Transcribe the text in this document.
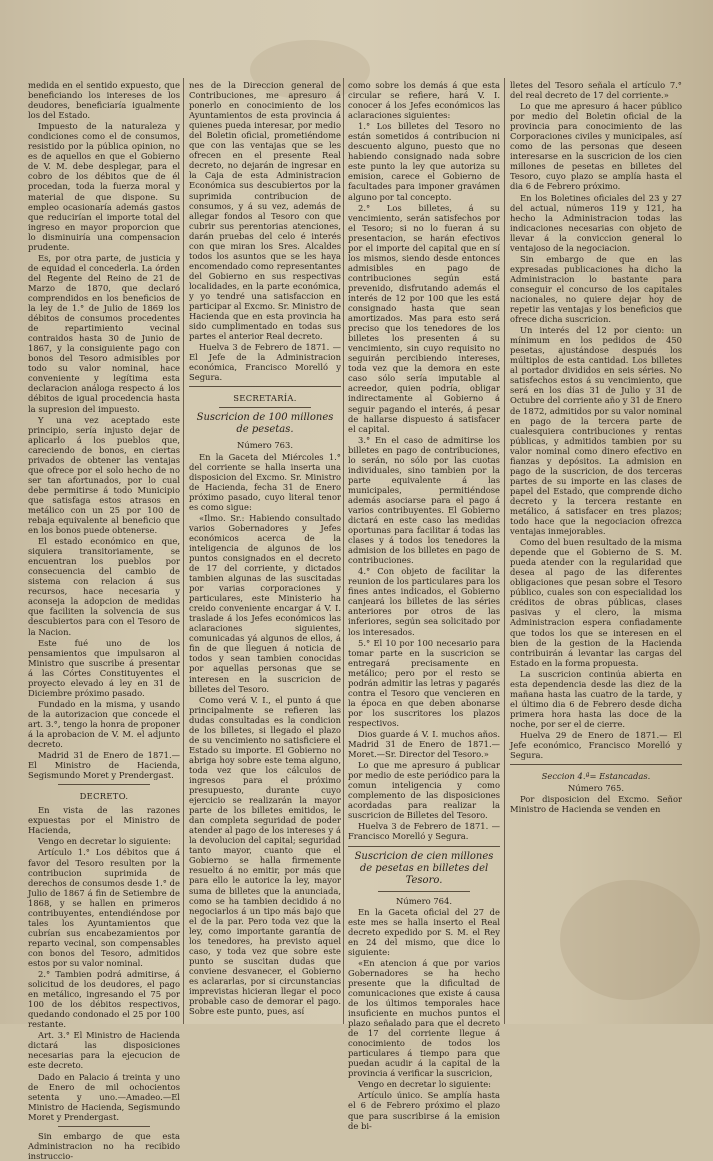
medida en el sentido expuesto, que beneficiando los intereses de los deudores, beneficiaría igualmente los del Estado.

Impuesto de la naturaleza y condiciones como el de consumos, resistido por la pública opinion, no es de aquellos en que el Gobierno de V. M. debe desplegar, para el cobro de los débitos que de él procedan, toda la fuerza moral y material de que dispone. Su empleo ocasionaría además gastos que reducirían el importe total del ingreso en mayor proporcion que lo disminuiría una compensacion prudente.

Es, por otra parte, de justicia y de equidad el concederla. La órden del Regente del Reino de 21 de Marzo de 1870, que declaró comprendidos en los beneficios de la ley de 1.° de Julio de 1869 los débitos de consumos procedentes de repartimiento vecinal contraidos hasta 30 de Junio de 1867, y la consiguiente pago con bonos del Tesoro admisibles por todo su valor nominal, hace conveniente y legítima esta declaracion análoga respecto á los débitos de igual procedencia hasta la supresion del impuesto.

Y una vez aceptado este principio, sería injusto dejar de aplicarlo á los pueblos que, careciendo de bonos, en ciertas privados de obtener las ventajas que ofrece por el solo hecho de no ser tan afortunados, por lo cual debe permitirse á todo Municipio que satisfaga estos atrasos en metálico con un 25 por 100 de rebaja equivalente al beneficio que en los bonos puede obtenerse.

El estado económico en que, siquiera transitoriamente, se encuentran los pueblos por consecuencia del cambio de sistema con relacion á sus recursos, hace necesaria y aconseja la adopcion de medidas que faciliten la solvencia de sus descubiertos para con el Tesoro de la Nacion.

Este fué uno de los pensamientos que impulsaron al Ministro que suscribe á presentar á las Córtes Constituyentes el proyecto elevado á ley en 31 de Diciembre próximo pasado.

Fundado en la misma, y usando de la autorizacion que concede el art. 3.°, tengo la honra de proponer á la aprobacion de V. M. el adjunto decreto.

Madrid 31 de Enero de 1871.—El Ministro de Hacienda, Segismundo Moret y Prendergast.

DECRETO.

En vista de las razones expuestas por el Ministro de Hacienda,

Vengo en decretar lo siguiente:

Artículo 1.° Los débitos que á favor del Tesoro resulten por la contribucion suprimida de derechos de consumos desde 1.° de Julio de 1867 á fin de Setiembre de 1868, y se hallen en primeros contribuyentes, entendiéndose por tales los Ayuntamientos que cubrían sus encabezamientos por reparto vecinal, son compensables con bonos del Tesoro, admitidos estos por su valor nominal.

2.° Tambien podrá admitirse, á solicitud de los deudores, el pago en metálico, ingresando el 75 por 100 de los débitos respectivos, quedando condonado el 25 por 100 restante.

Art. 3.° El Ministro de Hacienda dictará las disposiciones necesarias para la ejecucion de este decreto.

Dado en Palacio á treinta y uno de Enero de mil ochocientos setenta y uno.—Amadeo.—El Ministro de Hacienda, Segismundo Moret y Prendergast.

Sin embargo de que esta Administracion no ha recibido instruccio-

nes de la Direccion general de Contribuciones, me apresuro á ponerlo en conocimiento de los Ayuntamientos de esta provincia á quienes pueda interesar, por medio del Boletin oficial, prometiéndome que con las ventajas que se les ofrecen en el presente Real decreto, no dejarán de ingresar en la Caja de esta Administracion Económica sus descubiertos por la suprimida contribucion de consumos, y á su vez, además de allegar fondos al Tesoro con que cubrir sus perentorias atenciones, darán pruebas del celo é interés con que miran los Sres. Alcaldes todos los asuntos que se les haya encomendado como representantes del Gobierno en sus respectivas localidades, en la parte económica, y yo tendré una satisfaccion en participar al Excmo. Sr. Ministro de Hacienda que en esta provincia ha sido cumplimentado en todas sus partes el anterior Real decreto.

Huelva 3 de Febrero de 1871. —El Jefe de la Administracion económica, Francisco Morelló y Segura.

SECRETARÍA.

Suscricion de 100 millones de pesetas.

Número 763.

En la Gaceta del Miércoles 1.° del corriente se halla inserta una disposicion del Excmo. Sr. Ministro de Hacienda, fecha 31 de Enero próximo pasado, cuyo literal tenor es como sigue:

«Ilmo. Sr.: Habiendo consultado varios Gobernadores y Jefes económicos acerca de la inteligencia de algunos de los puntos consignados en el decreto de 17 del corriente, y dictados tambien algunas de las suscitadas por varias corporaciones y particulares, este Ministerio ha creido conveniente encargar á V. I. traslade á los Jefes económicos las aclaraciones siguientes, comunicadas yá algunos de ellos, á fin de que lleguen á noticia de todos y sean tambien conocidas por aquellas personas que se interesen en la suscricion de billetes del Tesoro.

Como verá V. I., el punto á que principalmente se refieren las dudas consultadas es la condicion de los billetes, si llegado el plazo de su vencimiento no satisficiere el Estado su importe. El Gobierno no abriga hoy sobre este tema alguno, toda vez que los cálculos de ingresos para el próximo presupuesto, durante cuyo ejercicio se realizarán la mayor parte de los billetes emitidos, le dan completa seguridad de poder atender al pago de los intereses y á la devolucion del capital; seguridad tanto mayor, cuanto que el Gobierno se halla firmemente resuelto á no emitir, por más que para ello le autorice la ley, mayor suma de billetes que la anunciada, como se ha tambien decidido á no negociarlos á un tipo más bajo que el de la par. Pero toda vez que la ley, como importante garantía de los tenedores, ha previsto aquel caso, y toda vez que sobre este punto se suscitan dudas que conviene desvanecer, el Gobierno es aclararlas, por si circunstancias imprevistas hicieran llegar el poco probable caso de demorar el pago. Sobre este punto, pues, así

como sobre los demás á que esta circular se refiere, hará V. I. conocer á los Jefes económicos las aclaraciones siguientes:

1.° Los billetes del Tesoro no están sometidos á contribucion ni descuento alguno, puesto que no habiendo consignado nada sobre este punto la ley que autoriza su emision, carece el Gobierno de facultades para imponer gravámen alguno por tal concepto.

2.° Los billetes, á su vencimiento, serán satisfechos por el Tesoro; si no lo fueran á su presentacion, se harán efectivos por el importe del capital que en sí los mismos, siendo desde entonces admisibles en pago de contribuciones según está prevenido, disfrutando además el interés de 12 por 100 que les está consignado hasta que sean amortizados. Mas para esto será preciso que los tenedores de los billetes los presenten á su vencimiento, sin cuyo requisito no seguirán percibiendo intereses, toda vez que la demora en este caso sólo sería imputable al acreedor, quien podría, obligar indirectamente al Gobierno á seguir pagando el interés, á pesar de hallarse dispuesto á satisfacer el capital.

3.° En el caso de admitirse los billetes en pago de contribuciones, lo serán, no sólo por las cuotas individuales, sino tambien por la parte equivalente á las municipales, permitiéndose además asociarse para el pago á varios contribuyentes. El Gobierno dictará en este caso las medidas oportunas para facilitar á todas las clases y á todos los tenedores la admision de los billetes en pago de contribuciones.

4.° Con objeto de facilitar la reunion de los particulares para los fines antes indicados, el Gobierno canjeará los billetes de las séries anteriores por otros de las inferiores, según sea solicitado por los interesados.

5.° El 10 por 100 necesario para tomar parte en la suscricion se entregará precisamente en metálico; pero por el resto se podrán admitir las letras y pagarés contra el Tesoro que vencieren en la época en que deben abonarse por los suscritores los plazos respectivos.

Dios guarde á V. I. muchos años. Madrid 31 de Enero de 1871.—Moret.—Sr. Director del Tesoro.»

Lo que me apresuro á publicar por medio de este periódico para la comun inteligencia y como complemento de las disposiciones acordadas para realizar la suscricion de Billetes del Tesoro.

Huelva 3 de Febrero de 1871. —Francisco Morelló y Segura.

Suscricion de cien millones de pesetas en billetes del Tesoro.

Número 764.

En la Gaceta oficial del 27 de este mes se halla inserto el Real decreto expedido por S. M. el Rey en 24 del mismo, que dice lo siguiente:

«En atencion á que por varios Gobernadores se ha hecho presente que la dificultad de comunicaciones que existe á causa de los últimos temporales hace insuficiente en muchos puntos el plazo señalado para que el decreto de 17 del corriente llegue á conocimiento de todos los particulares á tiempo para que puedan acudir á la capital de la provincia á verificar la suscricion,

Vengo en decretar lo siguiente:

Artículo único. Se amplía hasta el 6 de Febrero próximo el plazo que para suscribirse á la emision de bi-

lletes del Tesoro señala el artículo 7.° del real decreto de 17 del corriente.»

Lo que me apresuro á hacer público por medio del Boletin oficial de la provincia para conocimiento de las Corporaciones civiles y municipales, así como de las personas que deseen interesarse en la suscricion de los cien millones de pesetas en billetes del Tesoro, cuyo plazo se amplía hasta el dia 6 de Febrero próximo.

En los Boletines oficiales del 23 y 27 del actual, números 119 y 121, ha hecho la Administracion todas las indicaciones necesarias con objeto de llevar á la conviccion general lo ventajoso de la negociacion.

Sin embargo de que en las expresadas publicaciones ha dicho la Administracion lo bastante para conseguir el concurso de los capitales nacionales, no quiere dejar hoy de repetir las ventajas y los beneficios que ofrece dicha suscricion.

Un interés del 12 por ciento: un mínimum en los pedidos de 450 pesetas, ajustándose después los múltiplos de esta cantidad. Los billetes al portador divididos en seis séries. No satisfechos estos á su vencimiento, que será en los días 31 de Julio y 31 de Octubre del corriente año y 31 de Enero de 1872, admitidos por su valor nominal en pago de la tercera parte de cualesquiera contribuciones y rentas públicas, y admitidos tambien por su valor nominal como dinero efectivo en fianzas y depósitos. La admision en pago de la suscricion, de dos terceras partes de su importe en las clases de papel del Estado, que comprende dicho decreto y la tercera restante en metálico, á satisfacer en tres plazos; todo hace que la negociacion ofrezca ventajas inmejorables.

Como del buen resultado de la misma depende que el Gobierno de S. M. pueda atender con la regularidad que desea al pago de las diferentes obligaciones que pesan sobre el Tesoro público, cuales son con especialidad los créditos de obras públicas, clases pasivas y el clero, la misma Administracion espera confiadamente que todos los que se interesen en el bien de la gestion de la Hacienda contribuirán á levantar las cargas del Estado en la forma propuesta.

La suscricion continúa abierta en esta dependencia desde las diez de la mañana hasta las cuatro de la tarde, y el último dia 6 de Febrero desde dicha primera hora hasta las doce de la noche, por ser el de cierre.

Huelva 29 de Enero de 1871.— El Jefe económico, Francisco Morelló y Segura.

Seccion 4.ª= Estancadas.

Número 765.

Por disposicion del Excmo. Señor Ministro de Hacienda se venden en
